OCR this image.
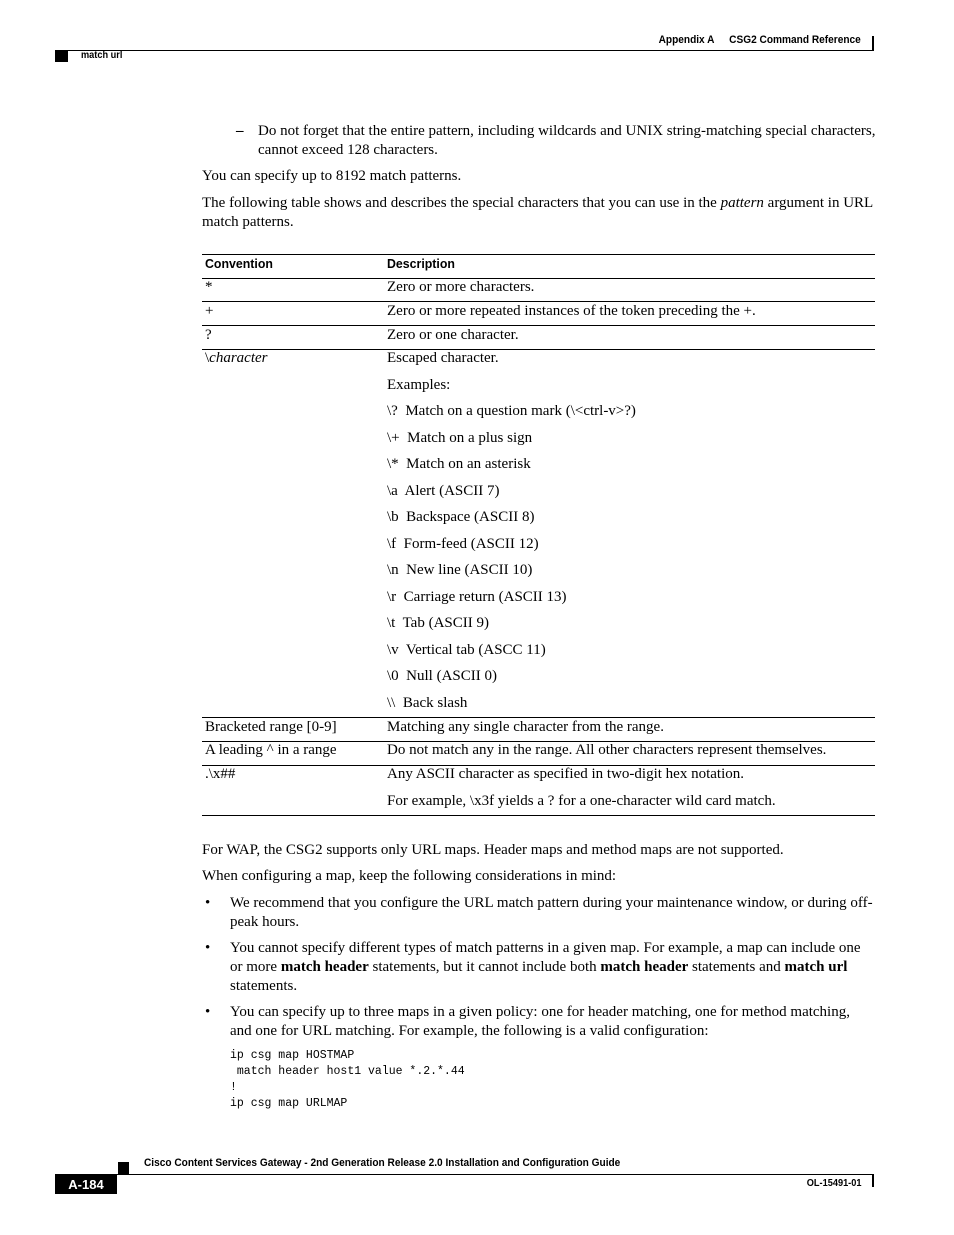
Appendix A CSG2 Command Reference
match url
– Do not forget that the entire pattern, including wildcards and UNIX string-matching special characters, cannot exceed 128 characters.
You can specify up to 8192 match patterns.
The following table shows and describes the special characters that you can use in the pattern argument in URL match patterns.
Convention	Description
*	Zero or more characters.
+	Zero or more repeated instances of the token preceding the +.
?	Zero or one character.
\character	Escaped character.
Examples:
\?  Match on a question mark (\<ctrl-v>?)
\+  Match on a plus sign
\*  Match on an asterisk
\a  Alert (ASCII 7)
\b  Backspace (ASCII 8)
\f  Form-feed (ASCII 12)
\n  New line (ASCII 10)
\r  Carriage return (ASCII 13)
\t  Tab (ASCII 9)
\v  Vertical tab (ASCC 11)
\0  Null (ASCII 0)
\\  Back slash
Bracketed range [0-9]	Matching any single character from the range.
A leading ^ in a range	Do not match any in the range. All other characters represent themselves.
.\x##	Any ASCII character as specified in two-digit hex notation.
For example, \x3f yields a ? for a one-character wild card match.
For WAP, the CSG2 supports only URL maps. Header maps and method maps are not supported.
When configuring a map, keep the following considerations in mind:
• We recommend that you configure the URL match pattern during your maintenance window, or during off-peak hours.
• You cannot specify different types of match patterns in a given map. For example, a map can include one or more match header statements, but it cannot include both match header statements and match url statements.
• You can specify up to three maps in a given policy: one for header matching, one for method matching, and one for URL matching. For example, the following is a valid configuration:
ip csg map HOSTMAP
match header host1 value *.2.*.44
!
ip csg map URLMAP
Cisco Content Services Gateway - 2nd Generation Release 2.0 Installation and Configuration Guide
A-184	OL-15491-01
